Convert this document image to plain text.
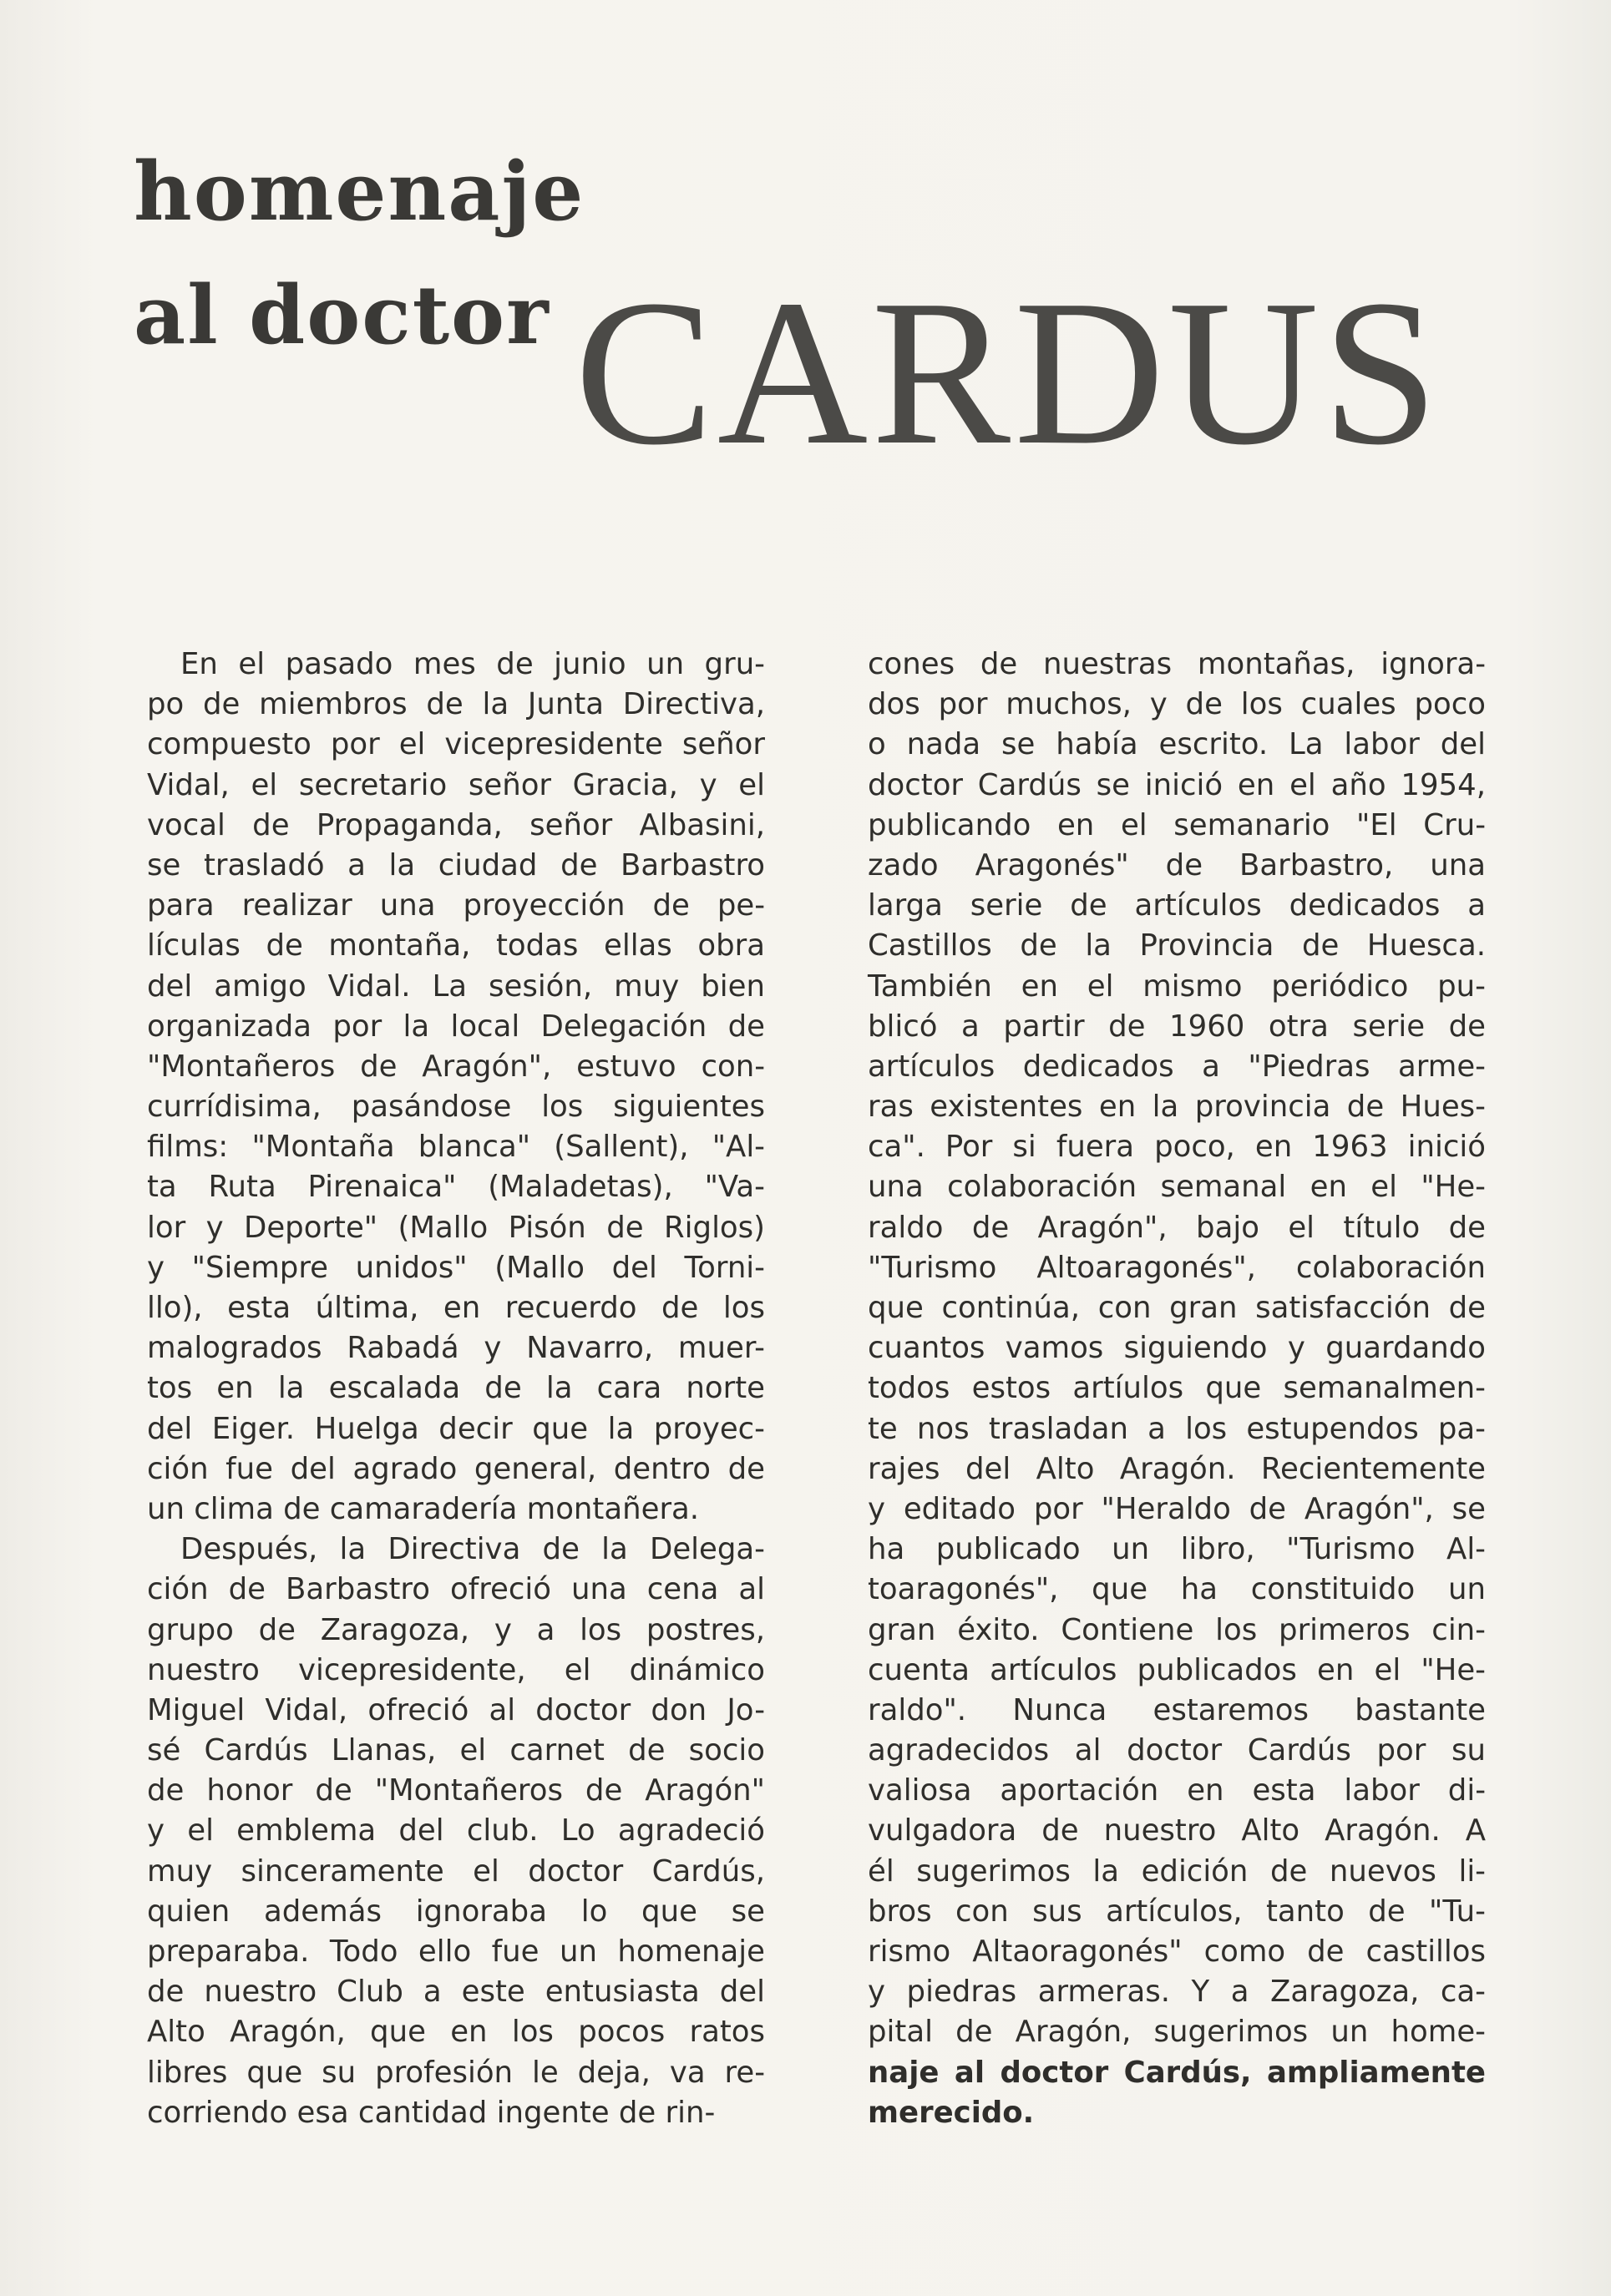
homenaje
al doctor CARDUS
En el pasado mes de junio un gru-
po de miembros de la Junta Directiva,
compuesto por el vicepresidente señor
Vidal, el secretario señor Gracia, y el
vocal de Propaganda, señor Albasini,
se trasladó a la ciudad de Barbastro
para realizar una proyección de pe-
lículas de montaña, todas ellas obra
del amigo Vidal. La sesión, muy bien
organizada por la local Delegación de
"Montañeros de Aragón", estuvo con-
currídisima, pasándose los siguientes
films: "Montaña blanca" (Sallent), "Al-
ta Ruta Pirenaica" (Maladetas), "Va-
lor y Deporte" (Mallo Pisón de Riglos)
y "Siempre unidos" (Mallo del Torni-
llo), esta última, en recuerdo de los
malogrados Rabadá y Navarro, muer-
tos en la escalada de la cara norte
del Eiger. Huelga decir que la proyec-
ción fue del agrado general, dentro de
un clima de camaradería montañera.
Después, la Directiva de la Delega-
ción de Barbastro ofreció una cena al
grupo de Zaragoza, y a los postres,
nuestro vicepresidente, el dinámico
Miguel Vidal, ofreció al doctor don Jo-
sé Cardús Llanas, el carnet de socio
de honor de "Montañeros de Aragón"
y el emblema del club. Lo agradeció
muy sinceramente el doctor Cardús,
quien además ignoraba lo que se
preparaba. Todo ello fue un homenaje
de nuestro Club a este entusiasta del
Alto Aragón, que en los pocos ratos
libres que su profesión le deja, va re-
corriendo esa cantidad ingente de rin-
cones de nuestras montañas, ignora-
dos por muchos, y de los cuales poco
o nada se había escrito. La labor del
doctor Cardús se inició en el año 1954,
publicando en el semanario "El Cru-
zado Aragonés" de Barbastro, una
larga serie de artículos dedicados a
Castillos de la Provincia de Huesca.
También en el mismo periódico pu-
blicó a partir de 1960 otra serie de
artículos dedicados a "Piedras arme-
ras existentes en la provincia de Hues-
ca". Por si fuera poco, en 1963 inició
una colaboración semanal en el "He-
raldo de Aragón", bajo el título de
"Turismo Altoaragonés", colaboración
que continúa, con gran satisfacción de
cuantos vamos siguiendo y guardando
todos estos artíulos que semanalmen-
te nos trasladan a los estupendos pa-
rajes del Alto Aragón. Recientemente
y editado por "Heraldo de Aragón", se
ha publicado un libro, "Turismo Al-
toaragonés", que ha constituido un
gran éxito. Contiene los primeros cin-
cuenta artículos publicados en el "He-
raldo". Nunca estaremos bastante
agradecidos al doctor Cardús por su
valiosa aportación en esta labor di-
vulgadora de nuestro Alto Aragón. A
él sugerimos la edición de nuevos li-
bros con sus artículos, tanto de "Tu-
rismo Altaoragonés" como de castillos
y piedras armeras. Y a Zaragoza, ca-
pital de Aragón, sugerimos un home-
naje al doctor Cardús, ampliamente
merecido.
